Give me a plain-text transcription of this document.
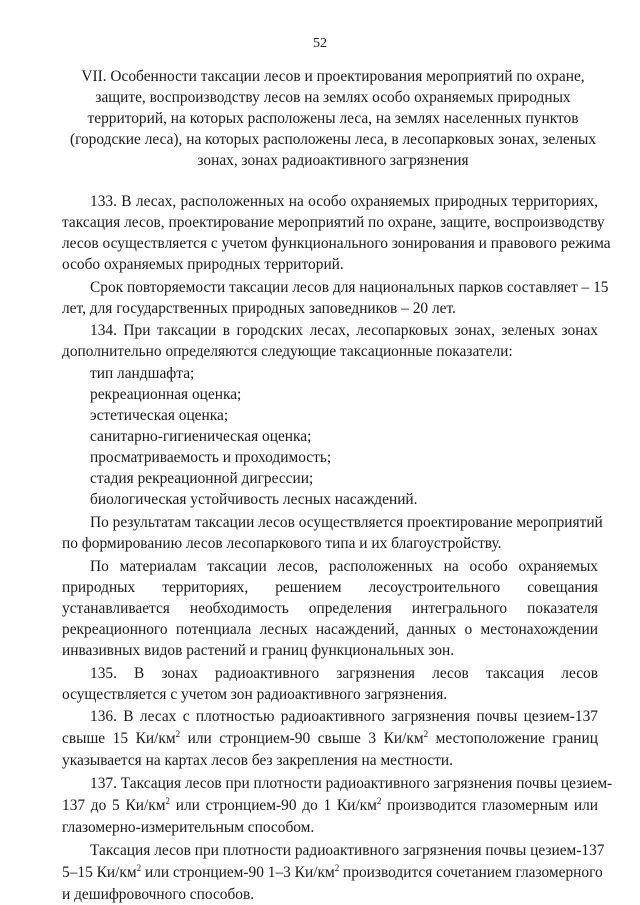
52
VII. Особенности таксации лесов и проектирования мероприятий по охране,
защите, воспроизводству лесов на землях особо охраняемых природных
территорий, на которых расположены леса, на землях населенных пунктов
(городские леса), на которых расположены леса, в лесопарковых зонах, зеленых
зонах, зонах радиоактивного загрязнения
133. В лесах, расположенных на особо охраняемых природных территориях,
таксация лесов, проектирование мероприятий по охране, защите, воспроизводству
лесов осуществляется с учетом функционального зонирования и правового режима
особо охраняемых природных территорий.
Срок повторяемости таксации лесов для национальных парков составляет – 15
лет, для государственных природных заповедников – 20 лет.
134. При таксации в городских лесах, лесопарковых зонах, зеленых зонах
дополнительно определяются следующие таксационные показатели:
тип ландшафта;
рекреационная оценка;
эстетическая оценка;
санитарно-гигиеническая оценка;
просматриваемость и проходимость;
стадия рекреационной дигрессии;
биологическая устойчивость лесных насаждений.
По результатам таксации лесов осуществляется проектирование мероприятий
по формированию лесов лесопаркового типа и их благоустройству.
По материалам таксации лесов, расположенных на особо охраняемых
природных территориях, решением лесоустроительного совещания
устанавливается необходимость определения интегрального показателя
рекреационного потенциала лесных насаждений, данных о местонахождении
инвазивных видов растений и границ функциональных зон.
135. В зонах радиоактивного загрязнения лесов таксация лесов
осуществляется с учетом зон радиоактивного загрязнения.
136. В лесах с плотностью радиоактивного загрязнения почвы цезием-137
свыше 15 $Ки/км^2$ или стронцием-90 свыше 3 $Ки/км^2$ местоположение границ
указывается на картах лесов без закрепления на местности.
137. Таксация лесов при плотности радиоактивного загрязнения почвы цезием-
137 до 5 $Ки/км^2$ или стронцием-90 до 1 $Ки/км^2$ производится глазомерным или
глазомерно-измерительным способом.
Таксация лесов при плотности радиоактивного загрязнения почвы цезием-137
5–15 $Ки/км^2$ или стронцием-90 1–3 $Ки/км^2$ производится сочетанием глазомерного
и дешифровочного способов.
